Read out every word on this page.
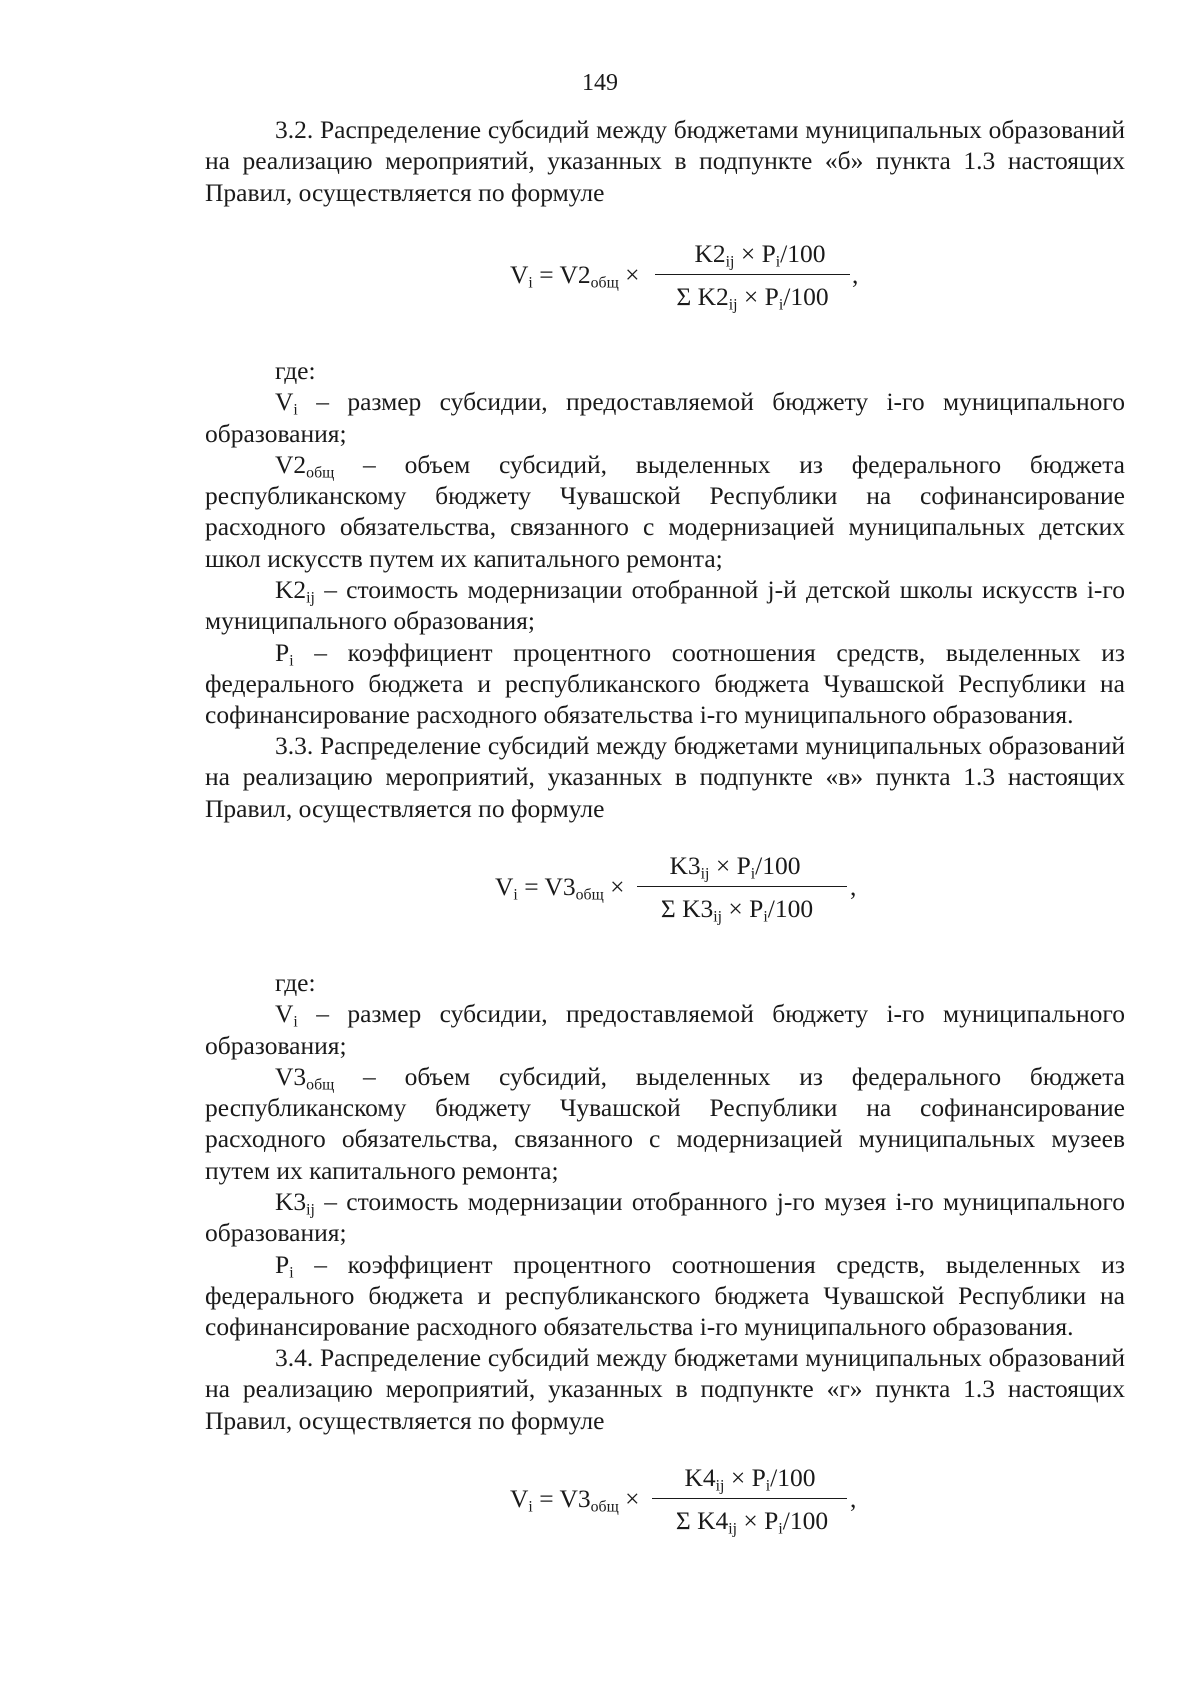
149

3.2. Распределение субсидий между бюджетами муниципальных образований на реализацию мероприятий, указанных в подпункте «б» пункта 1.3 настоящих Правил, осуществляется по формуле

$V_i = V2_{общ}$ ×
$K2_{ij} \times P_i/100$
Σ $K2_{ij} \times P_i/100$
,

где:

$V_i$ – размер субсидии, предоставляемой бюджету i-го муниципального образования;

$V2_{общ}$ – объем субсидий, выделенных из федерального бюджета республиканскому бюджету Чувашской Республики на софинансирование расходного обязательства, связанного с модернизацией муниципальных детских школ искусств путем их капитального ремонта;

$K2_{ij}$ – стоимость модернизации отобранной j-й детской школы искусств i-го муниципального образования;

$P_i$ – коэффициент процентного соотношения средств, выделенных из федерального бюджета и республиканского бюджета Чувашской Республики на софинансирование расходного обязательства i-го муниципального образования.

3.3. Распределение субсидий между бюджетами муниципальных образований на реализацию мероприятий, указанных в подпункте «в» пункта 1.3 настоящих Правил, осуществляется по формуле

$V_i = V3_{общ}$ ×
$K3_{ij} \times P_i/100$
Σ $K3_{ij} \times P_i/100$
,

где:

$V_i$ – размер субсидии, предоставляемой бюджету i-го муниципального образования;

$V3_{общ}$ – объем субсидий, выделенных из федерального бюджета республиканскому бюджету Чувашской Республики на софинансирование расходного обязательства, связанного с модернизацией муниципальных музеев путем их капитального ремонта;

$K3_{ij}$ – стоимость модернизации отобранного j-го музея i-го муниципального образования;

$P_i$ – коэффициент процентного соотношения средств, выделенных из федерального бюджета и республиканского бюджета Чувашской Республики на софинансирование расходного обязательства i-го муниципального образования.

3.4. Распределение субсидий между бюджетами муниципальных образований на реализацию мероприятий, указанных в подпункте «г» пункта 1.3 настоящих Правил, осуществляется по формуле

$V_i = V3_{общ}$ ×
$K4_{ij} \times P_i/100$
Σ $K4_{ij} \times P_i/100$
,
